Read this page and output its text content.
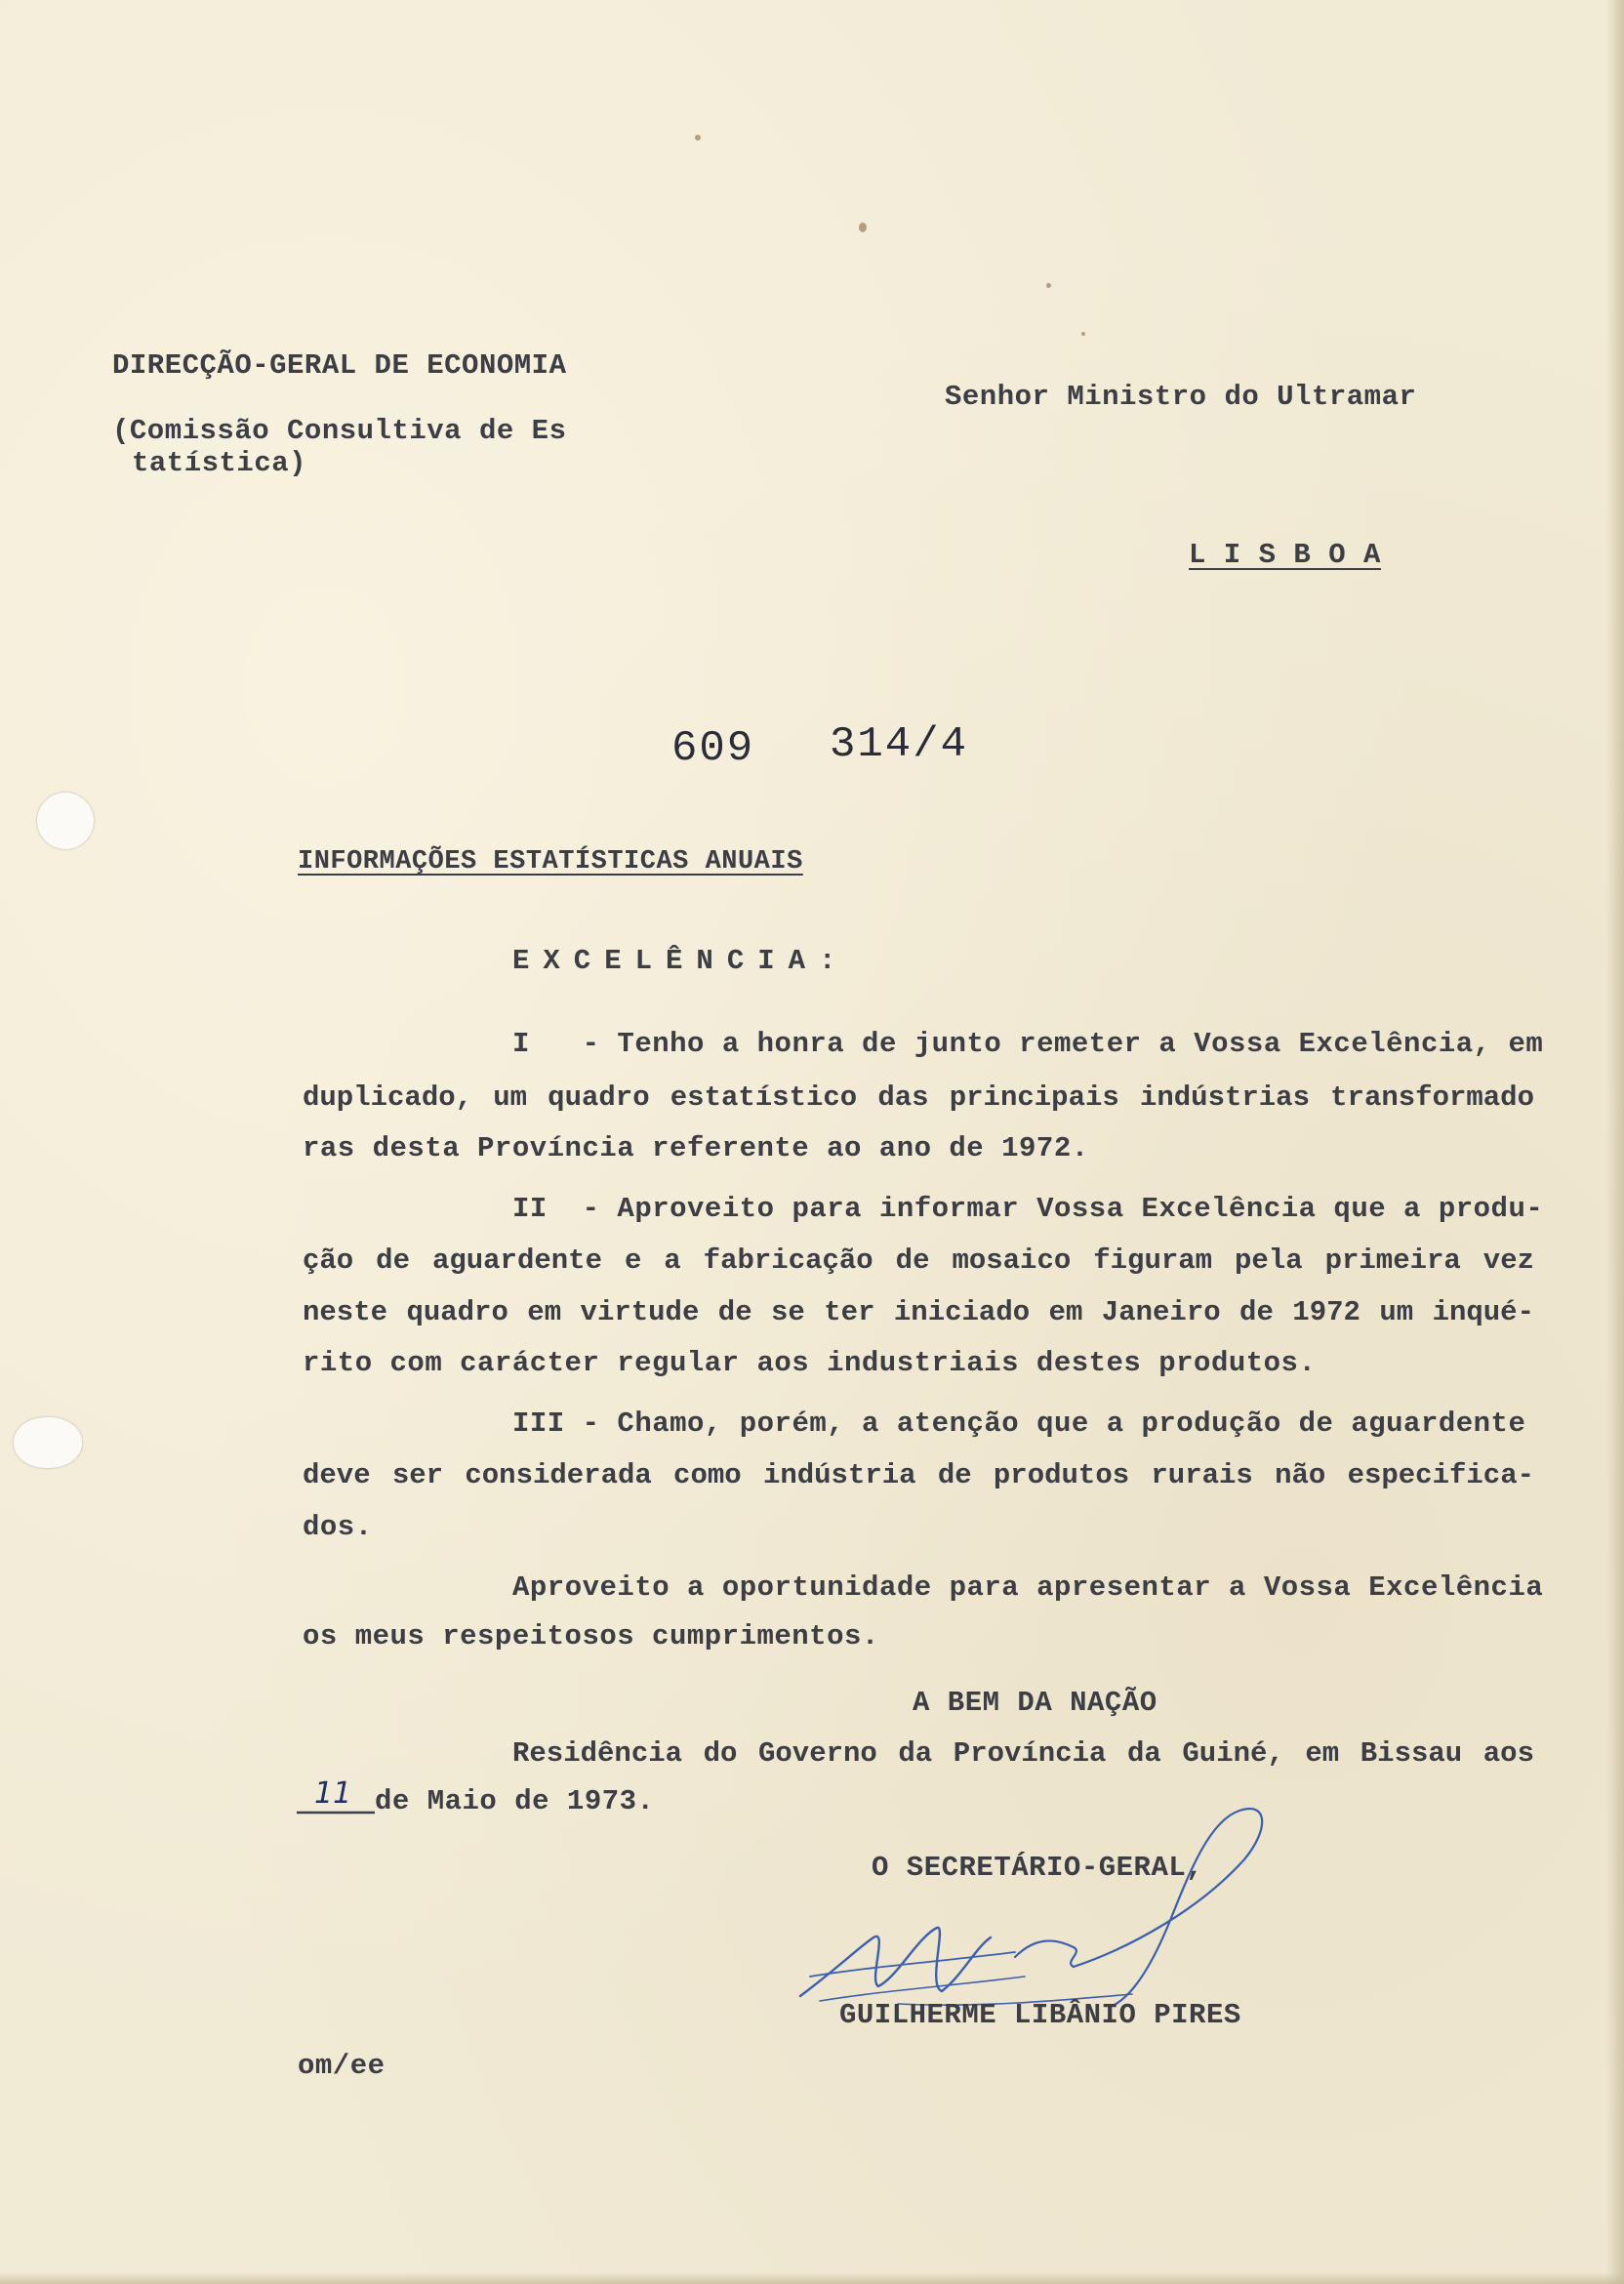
DIRECÇÃO-GERAL DE ECONOMIA

(Comissão Consultiva de Es

tatística)

Senhor Ministro do Ultramar

L I S B O A

609 314/4

INFORMAÇÕES ESTATÍSTICAS ANUAIS

EXCELÊNCIA:

I   - Tenho a honra de junto remeter a Vossa Excelência, em

duplicado, um quadro estatístico das principais indústrias transformado

ras desta Província referente ao ano de 1972.

II  - Aproveito para informar Vossa Excelência que a produ-

ção de aguardente e a fabricação de mosaico figuram pela primeira vez

neste quadro em virtude de se ter iniciado em Janeiro de 1972 um inqué-

rito com carácter regular aos industriais destes produtos.

III - Chamo, porém, a atenção que a produção de aguardente

deve ser considerada como indústria de produtos rurais não especifica-

dos.

Aproveito a oportunidade para apresentar a Vossa Excelência

os meus respeitosos cumprimentos.

A BEM DA NAÇÃO

Residência do Governo da Província da Guiné, em Bissau aos

11 de Maio de 1973.

O SECRETÁRIO-GERAL,

GUILHERME LIBÂNIO PIRES

om/ee
